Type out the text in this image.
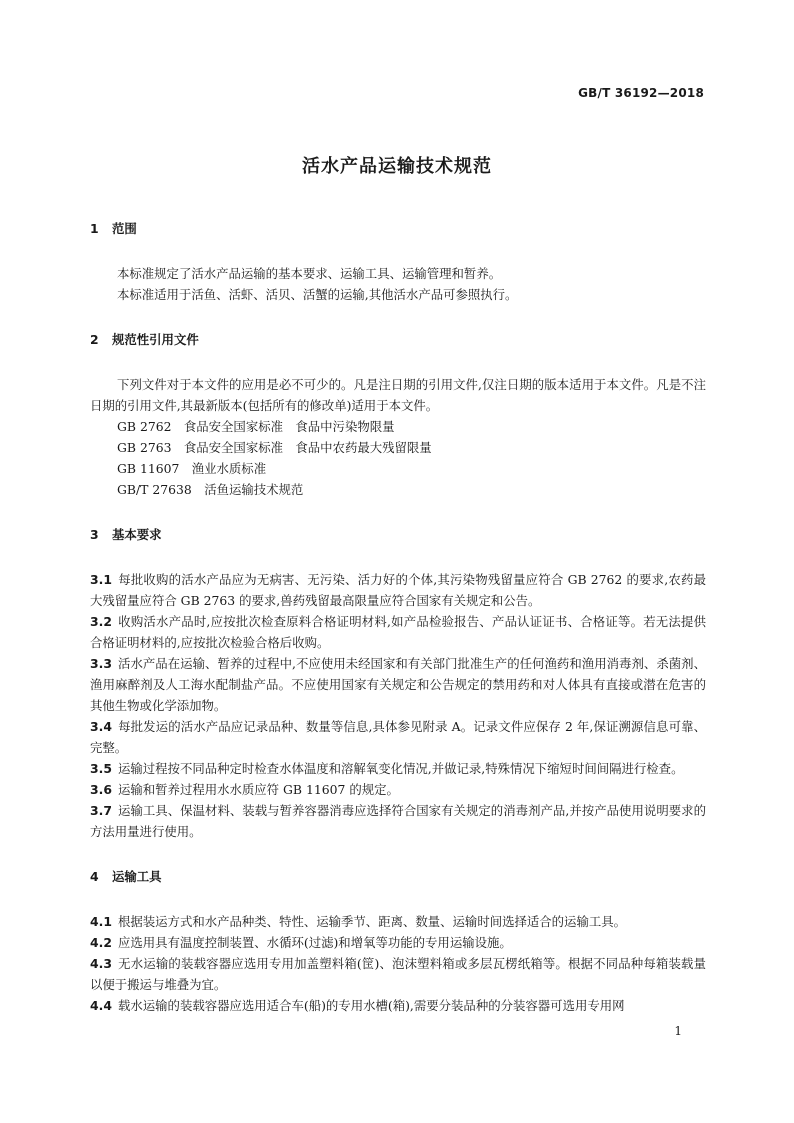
GB/T 36192—2018
活水产品运输技术规范
1 范围

本标准规定了活水产品运输的基本要求、运输工具、运输管理和暂养。

本标准适用于活鱼、活虾、活贝、活蟹的运输,其他活水产品可参照执行。

2 规范性引用文件

下列文件对于本文件的应用是必不可少的。凡是注日期的引用文件,仅注日期的版本适用于本文件。凡是不注日期的引用文件,其最新版本(包括所有的修改单)适用于本文件。

GB 2762　 食品安全国家标准　食品中污染物限量

GB 2763　 食品安全国家标准　食品中农药最大残留限量

GB 11607　 渔业水质标准

GB/T 27638　 活鱼运输技术规范

3 基本要求

3.1 每批收购的活水产品应为无病害、无污染、活力好的个体,其污染物残留量应符合 GB 2762 的要求,农药最大残留量应符合 GB 2763 的要求,兽药残留最高限量应符合国家有关规定和公告。

3.2 收购活水产品时,应按批次检查原料合格证明材料,如产品检验报告、产品认证证书、合格证等。若无法提供合格证明材料的,应按批次检验合格后收购。

3.3 活水产品在运输、暂养的过程中,不应使用未经国家和有关部门批准生产的任何渔药和渔用消毒剂、杀菌剂、渔用麻醉剂及人工海水配制盐产品。不应使用国家有关规定和公告规定的禁用药和对人体具有直接或潜在危害的其他生物或化学添加物。

3.4 每批发运的活水产品应记录品种、数量等信息,具体参见附录 A。记录文件应保存 2 年,保证溯源信息可靠、完整。

3.5 运输过程按不同品种定时检查水体温度和溶解氧变化情况,并做记录,特殊情况下缩短时间间隔进行检查。

3.6 运输和暂养过程用水水质应符 GB 11607 的规定。

3.7 运输工具、保温材料、装载与暂养容器消毒应选择符合国家有关规定的消毒剂产品,并按产品使用说明要求的方法用量进行使用。

4 运输工具

4.1 根据装运方式和水产品种类、特性、运输季节、距离、数量、运输时间选择适合的运输工具。

4.2 应选用具有温度控制装置、水循环(过滤)和增氧等功能的专用运输设施。

4.3 无水运输的装载容器应选用专用加盖塑料箱(筐)、泡沫塑料箱或多层瓦楞纸箱等。根据不同品种每箱装载量以便于搬运与堆叠为宜。

4.4 载水运输的装载容器应选用适合车(船)的专用水槽(箱),需要分装品种的分装容器可选用专用网

1
